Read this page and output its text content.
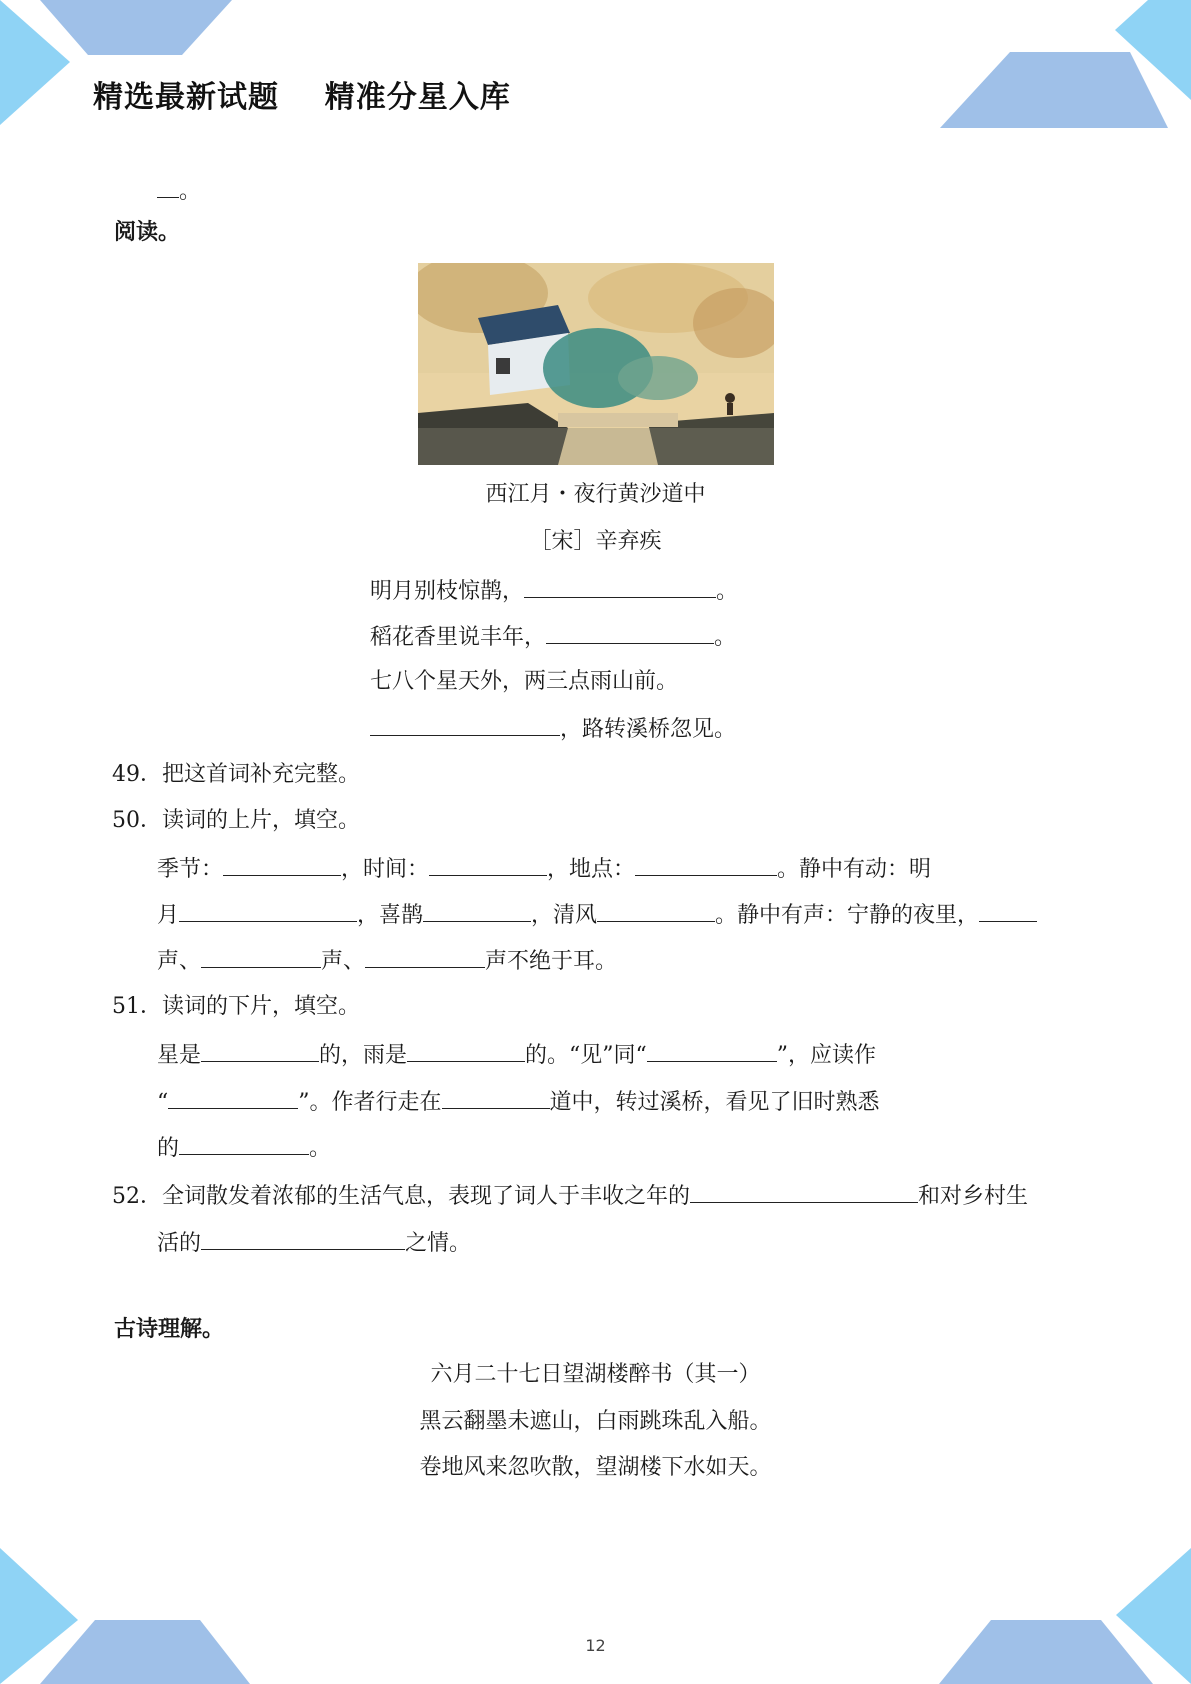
精选最新试题    精准分星入库
。
阅读。
西江月・夜行黄沙道中
［宋］辛弃疾
明月别枝惊鹊，	。
稻花香里说丰年，	。
七八个星天外，两三点雨山前。
，路转溪桥忽见。
49．把这首词补充完整。
50．读词的上片，填空。
季节：	，时间：	，地点：	。静中有动：明
月	，喜鹊	，清风	。静中有声：宁静的夜里，
声、	声、	声不绝于耳。
51．读词的下片，填空。
星是	的，雨是	的。“见”同“	”，应读作
“	”。作者行走在	道中，转过溪桥，看见了旧时熟悉
的	。
52．全词散发着浓郁的生活气息，表现了词人于丰收之年的	和对乡村生
活的	之情。
古诗理解。
六月二十七日望湖楼醉书（其一）
黑云翻墨未遮山，白雨跳珠乱入船。
卷地风来忽吹散，望湖楼下水如天。
12
